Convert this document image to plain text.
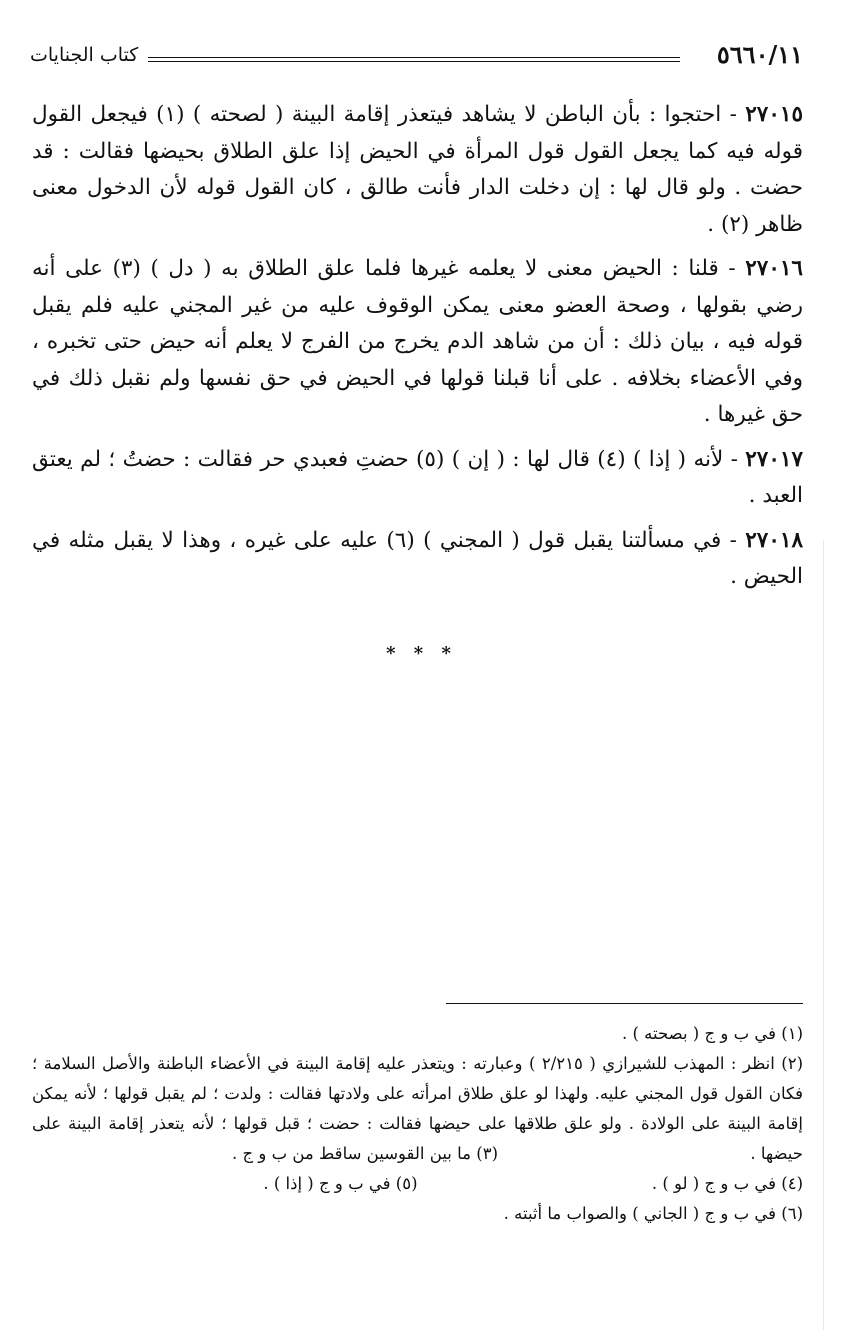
كتاب الجنايات	٥٦٦٠/١١

٢٧٠١٥ - احتجوا : بأن الباطن لا يشاهد فيتعذر إقامة البينة ( لصحته ) (١) فيجعل القول قوله فيه كما يجعل القول قول المرأة في الحيض إذا علق الطلاق بحيضها فقالت : قد حضت . ولو قال لها : إن دخلت الدار فأنت طالق ، كان القول قوله لأن الدخول معنى ظاهر (٢) .

٢٧٠١٦ - قلنا : الحيض معنى لا يعلمه غيرها فلما علق الطلاق به ( دل ) (٣) على أنه رضي بقولها ، وصحة العضو معنى يمكن الوقوف عليه من غير المجني عليه فلم يقبل قوله فيه ، بيان ذلك : أن من شاهد الدم يخرج من الفرج لا يعلم أنه حيض حتى تخبره ، وفي الأعضاء بخلافه . على أنا قبلنا قولها في الحيض في حق نفسها ولم نقبل ذلك في حق غيرها .

٢٧٠١٧ - لأنه ( إذا ) (٤) قال لها : ( إن ) (٥) حضتِ فعبدي حر فقالت : حضتُ ؛ لم يعتق العبد .

٢٧٠١٨ - في مسألتنا يقبل قول ( المجني ) (٦) عليه على غيره ، وهذا لا يقبل مثله في الحيض .

* * *

(١) في ب و ج ( بصحته ) .

(٢) انظر : المهذب للشيرازي ( ٢/٢١٥ ) وعبارته : ويتعذر عليه إقامة البينة في الأعضاء الباطنة والأصل السلامة ؛ فكان القول قول المجني عليه. ولهذا لو علق طلاق امرأته على ولادتها فقالت : ولدت ؛ لم يقبل قولها ؛ لأنه يمكن إقامة البينة على الولادة . ولو علق طلاقها على حيضها فقالت : حضت ؛ قبل قولها ؛ لأنه يتعذر إقامة البينة على حيضها .
(٣) ما بين القوسين ساقط من ب و ج .

(٤) في ب و ج ( لو ) .
(٥) في ب و ج ( إذا ) .

(٦) في ب و ج ( الجاني ) والصواب ما أثبته .
